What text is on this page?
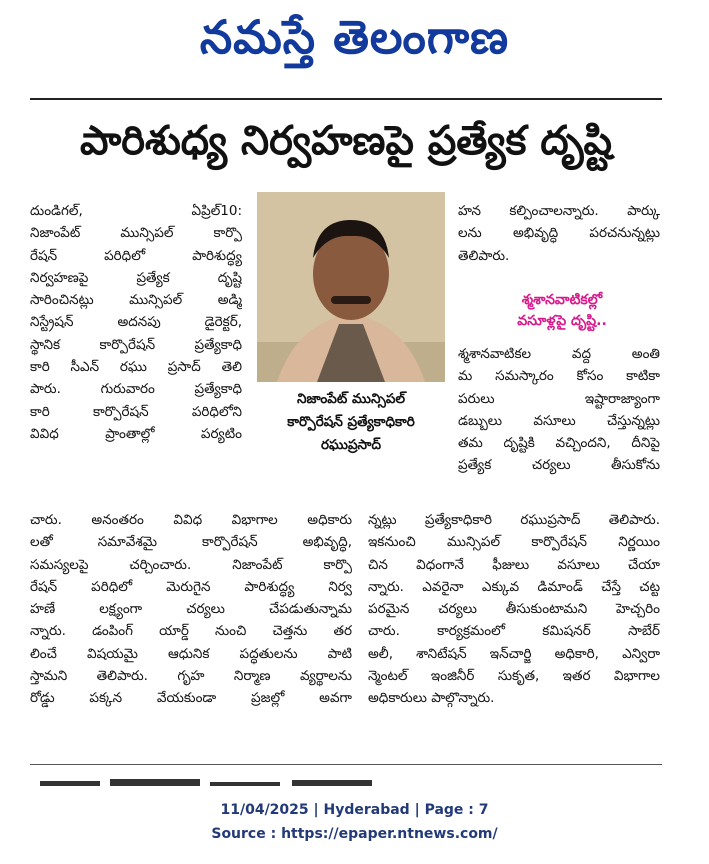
నమస్తే తెలంగాణ
పారిశుధ్య నిర్వహణపై ప్రత్యేక దృష్టి

దుండిగల్, ఏప్రిల్10:

నిజాంపేట్ మున్సిపల్ కార్పొ

రేషన్ పరిధిలో పారిశుద్ధ్య

నిర్వహణపై ప్రత్యేక దృష్టి

సారించినట్లు మున్సిపల్ అడ్మి

నిస్ట్రేషన్ అదనపు డైరెక్టర్,

స్థానిక కార్పొరేషన్ ప్రత్యేకాధి

కారి సీఎన్ రఘు ప్రసాద్ తెలి

పారు. గురువారం ప్రత్యేకాధి

కారి కార్పొరేషన్ పరిధిలోని

వివిధ ప్రాంతాల్లో పర్యటిం

నిజాంపేట్ మున్సిపల్

కార్పొరేషన్ ప్రత్యేకాధికారి

రఘుప్రసాద్

హన కల్పించాలన్నారు. పార్కు

లను అభివృద్ధి పరచనున్నట్లు

తెలిపారు.

శ్మశానవాటికల్లో

వసూళ్లపై దృష్టి..

శ్మశానవాటికల వద్ద అంతి

మ సమస్కారం కోసం కాటికా

పరులు ఇష్టారాజ్యాంగా

డబ్బులు వసూలు చేస్తున్నట్లు

తమ దృష్టికి వచ్చిందని, దీనిపై

ప్రత్యేక చర్యలు తీసుకోను

చారు. అనంతరం వివిధ విభాగాల అధికారు

లతో సమావేశమై కార్పొరేషన్ అభివృద్ధి,

సమస్యలపై చర్చించారు. నిజాంపేట్ కార్పొ

రేషన్ పరిధిలో మెరుగైన పారిశుద్ధ్య నిర్వ

హణే లక్ష్యంగా చర్యలు చేపడుతున్నామ

న్నారు. డంపింగ్ యార్డ్ నుంచి చెత్తను తర

లించే విషయమై ఆధునిక పద్ధతులను పాటి

స్తామని తెలిపారు. గృహ నిర్మాణ వ్యర్థాలను

రోడ్డు పక్కన వేయకుండా ప్రజల్లో అవగా

న్నట్లు ప్రత్యేకాధికారి రఘుప్రసాద్ తెలిపారు.

ఇకనుంచి మున్సిపల్ కార్పొరేషన్ నిర్ణయిం

చిన విధంగానే ఫీజులు వసూలు చేయా

న్నారు. ఎవరైనా ఎక్కువ డిమాండ్ చేస్తే చట్ట

పరమైన చర్యలు తీసుకుంటామని హెచ్చరిం

చారు. కార్యక్రమంలో కమిషనర్ సాబేర్

అలీ, శానిటేషన్ ఇన్‌చార్జి అధికారి, ఎన్విరా

న్మెంటల్ ఇంజినీర్ సుకృత, ఇతర విభాగాల

అధికారులు పాల్గొన్నారు.

11/04/2025 | Hyderabad | Page : 7
Source : https://epaper.ntnews.com/
